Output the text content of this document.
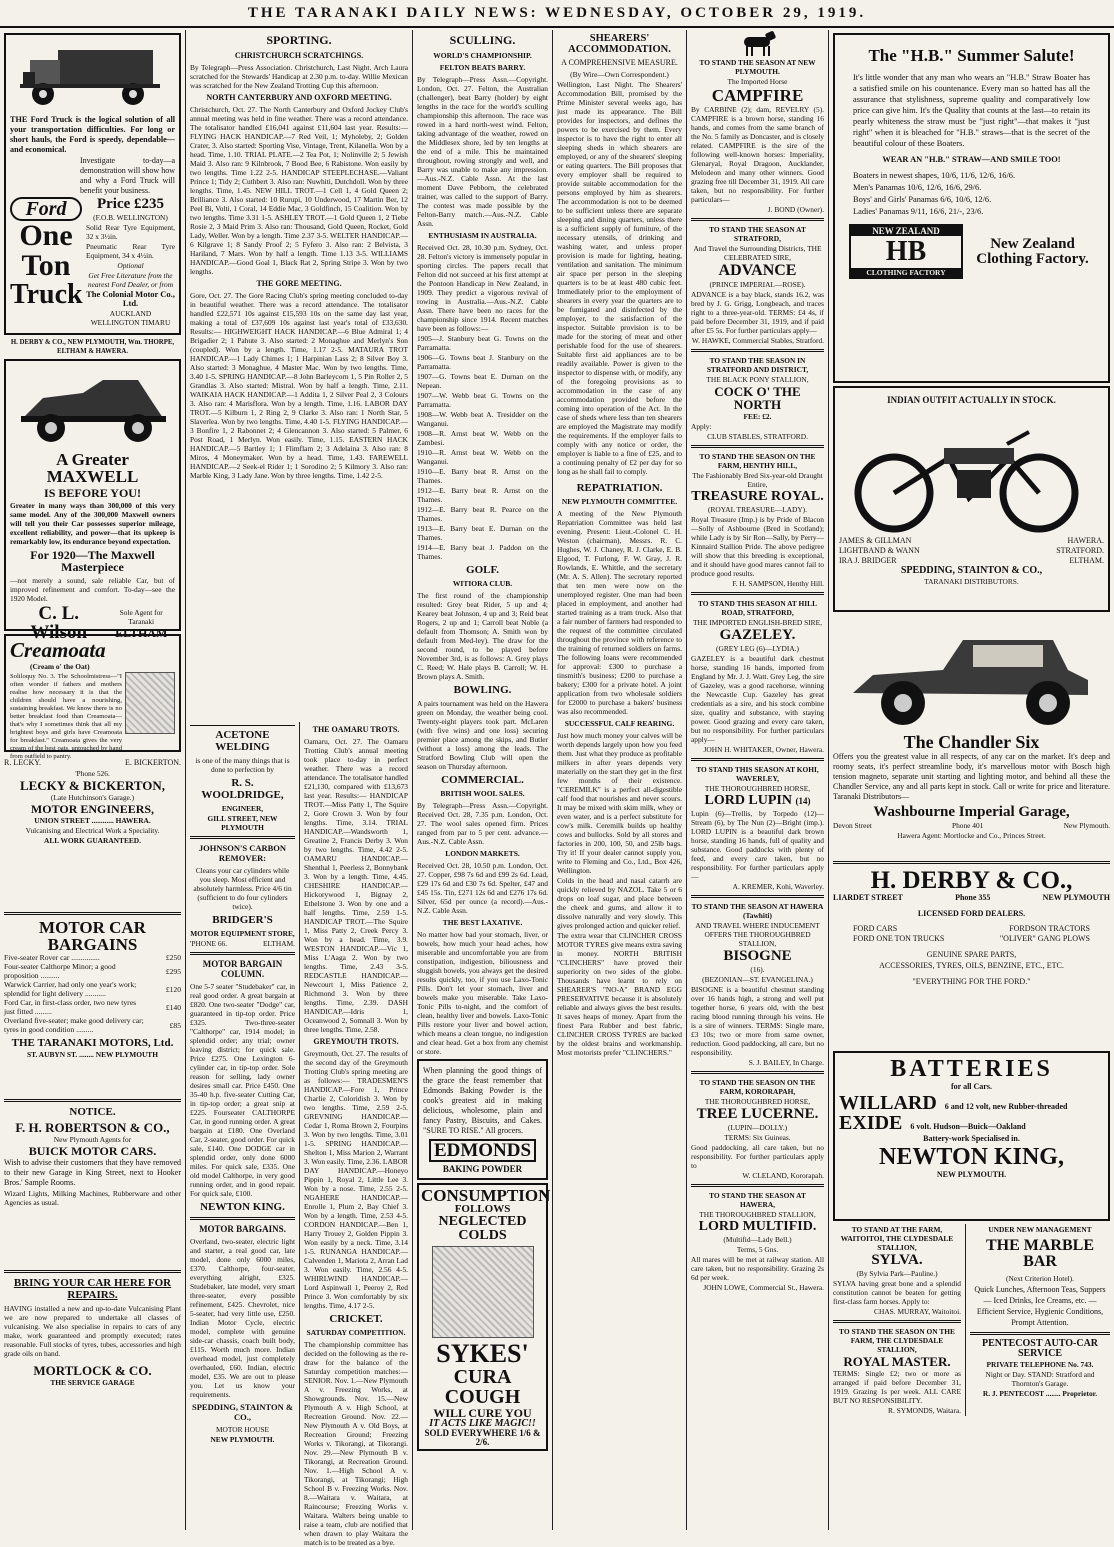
THE TARANAKI DAILY NEWS: WEDNESDAY, OCTOBER 29, 1919.
THE Ford Truck is the logical solution of all your transportation difficulties. For long or short hauls, the Ford is speedy, dependable—and economical.
Investigate to-day—a demonstration will show how and why a Ford Truck will benefit your business.
Ford
One
Ton
Truck
Price £235
(F.O.B. WELLINGTON)
Solid Rear Tyre Equipment, 32 x 3½in.
Pneumatic Rear Tyre Equipment, 34 x 4½in.
Optional
Get Free Literature from the nearest Ford Dealer, or from
The Colonial Motor Co., Ltd.
AUCKLAND WELLINGTON TIMARU
H. DERBY & CO., NEW PLYMOUTH, Wm. THORPE, ELTHAM & HAWERA.
A Greater MAXWELL
IS BEFORE YOU!
Greater in many ways than 300,000 of this very same model. Any of the 300,000 Maxwell owners will tell you their Car possesses superior mileage, excellent reliability, and power—that its upkeep is remarkably low, its endurance beyond expectation.
For 1920—The Maxwell Masterpiece
—not merely a sound, sale reliable Car, but of improved refinement and comfort. To-day—see the 1920 Model.
C. L. Wilson
Sole Agent for Taranaki
ELTHAM
Creamoata
(Cream o' the Oat)
Soliloquy No. 3. The Schoolmistress—"I often wonder if fathers and mothers realise how necessary it is that the children should have a nourishing, sustaining breakfast. We know there is no better breakfast food than Creamoata—that's why I sometimes think that all my brightest boys and girls have Creamoata for breakfast." Creamoata gives the very cream of the best oats, untouched by hand from outfield to pantry.
R. LECKY.	E. BICKERTON.
'Phone 526.
LECKY & BICKERTON,
(Late Hutchinson's Garage.)
MOTOR ENGINEERS,
UNION STREET ............ HAWERA.
Vulcanising and Electrical Work a Speciality.
ALL WORK GUARANTEED.
MOTOR CAR BARGAINS
Five-seater Rover car ...............	£250
Four-seater Calthorpe Minor; a good proposition ..........	£295
Warwick Carrier, had only one year's work; splendid for light delivery ...........	£120
Ford Car, in first-class order, two new tyres just fitted .........	£140
Overland five-seater; make good delivery car; tyres in good condition .........	£85
THE TARANAKI MOTORS, Ltd.
ST. AUBYN ST. ........ NEW PLYMOUTH
NOTICE.
F. H. ROBERTSON & CO.,
New Plymouth Agents for
BUICK MOTOR CARS.
Wish to advise their customers that they have removed to their new Garage in King Street, next to Hooker Bros.' Sample Rooms.
Wizard Lights, Milking Machines, Rubberware and other Agencies as usual.
BRING YOUR CAR HERE FOR REPAIRS.
HAVING installed a new and up-to-date Vulcanising Plant we are now prepared to undertake all classes of vulcanising. We also specialise in repairs to cars of any make, work guaranteed and promptly executed; rates reasonable. Full stocks of tyres, tubes, accessories and high grade oils on hand.
MORTLOCK & CO.
THE SERVICE GARAGE
SPORTING.
CHRISTCHURCH SCRATCHINGS.
By Telegraph—Press Association. Christchurch, Last Night. Arch Laura scratched for the Stewards' Handicap at 2.30 p.m. to-day. Willie Mexican was scratched for the New Zealand Trotting Cup this afternoon.
NORTH CANTERBURY AND OXFORD MEETING.
Christchurch, Oct. 27. The North Canterbury and Oxford Jockey Club's annual meeting was held in fine weather. There was a record attendance. The totalisator handled £16,041 against £11,604 last year. Results:— FLYING HACK HANDICAP.—7 Red Veil, 1; Myholeby, 2; Golden Crater, 3. Also started: Sporting Vise, Vintage, Trent, Kilanella. Won by a head. Time, 1.10. TRIAL PLATE.—2 Tea Pot, 1; Nolinville 2; 5 Jewish Maid 3. Also ran: 9 Kilnbrook, 7 Bood Bee, 6 Rabistone. Won easily by two lengths. Time 1.22 2-5. HANDICAP STEEPLECHASE.—Valiant Prince 1; Tidy 2; Cuthbert 3. Also ran: Nuwhiti, Dutchdoll. Won by three lengths. Time, 1.45. NEW HILL TROT.—1 Cell 1, 4 Gold Queen 2; Brilliance 3. Also started: 10 Rurupi, 10 Underwood, 17 Martin Ber, 12 Peel Bi, Volti, 1 Coral, 14 Eddie Mac, 3 Goldfinch, 15 Coalition. Won by two lengths. Time 3.31 1-5. ASHLEY TROT.—1 Gold Queen 1, 2 Tiebe Rosie 2, 3 Maid Prim 3. Also ran: Thousand, Gold Queen, Rocket, Gold Lady, Weller. Won by a length. Time 2.37 3-5. WELTER HANDICAP.—6 Kilgrave 1; 8 Sandy Proof 2; 5 Fyfero 3. Also ran: 2 Belvista, 3 Hariland, 7 Mars. Won by half a length. Time 1.13 3-5. WILLIAMS HANDICAP.—Good Goal 1, Black Rat 2, Spring Stripe 3. Won by two lengths.
THE GORE MEETING.
Gore, Oct. 27. The Gore Racing Club's spring meeting concluded to-day in beautiful weather. There was a record attendance. The totalisator handled £22,571 10s against £15,593 10s on the same day last year, making a total of £37,609 10s against last year's total of £33,630. Results:— HIGHWEIGHT HACK HANDICAP.—6 Blue Admiral 1; 4 Brigadier 2; 1 Pahute 3. Also started: 2 Monaghue and Merlyn's Son (coupled). Won by a length. Time, 1.17 2-5. MATAURA TROT HANDICAP.—1 Lady Chimes 1; 1 Harpinian Lass 2; 8 Silver Boy 3. Also started: 3 Monaghue, 4 Master Mac. Won by two lengths. Time, 3.40 1-5. SPRING HANDICAP.—8 John Barleycorn 1, 5 Pin Roller 2, 5 Grandlas 3. Also started: Mistral. Won by half a length. Time, 2.11. WAIKAIA HACK HANDICAP.—1 Addita 1, 2 Silver Peal 2, 3 Colours 3. Also ran: 4 Marisflora. Won by a length. Time, 1.16. LABOR DAY TROT.—5 Kilburn 1, 2 Ring 2, 9 Clarke 3. Also ran: 1 North Star, 5 Slaverlea. Won by two lengths. Time, 4.40 1-5. FLYING HANDICAP.—3 Bonfire 1, 2 Rabonnet 2; 4 Glencannon 3. Also started: 5 Palmer, 6 Post Road, 1 Merlyn. Won easily. Time, 1.15. EASTERN HACK HANDICAP.—5 Bartley 1; 1 Flimflam 2; 3 Adelaina 3. Also ran: 8 Miros, 4 Moneymaker. Won by a head. Time, 1.43. FAREWELL HANDICAP.—2 Seek-el Rider 1; 1 Sorodino 2; 5 Kilmory 3. Also ran: Marble King, 3 Lady Jane. Won by three lengths. Time, 1.42 2-5.
ACETONE WELDING
is one of the many things that is done to perfection by
R. S. WOOLDRIDGE,
ENGINEER,
GILL STREET, NEW PLYMOUTH
JOHNSON'S CARBON REMOVER:
Cleans your car cylinders while you sleep. Most efficient and absolutely harmless. Price 4/6 tin (sufficient to do four cylinders twice).
BRIDGER'S
MOTOR EQUIPMENT STORE,
'PHONE 66.	ELTHAM.
MOTOR BARGAIN COLUMN.
One 5-7 seater "Studebaker" car, in real good order. A great bargain at £820. One two-seater "Dodge" car, guaranteed in tip-top order. Price £325. Two-three-seater "Calthorpe" car, 1914 model; in splendid order; any trial; owner leaving district; for quick sale. Price £275. One Lexington 6-cylinder car, in tip-top order. Sole reason for selling, lady owner desires small car. Price £450. One 35-40 h.p. five-seater Cutting Car, in tip-top order; a great snip at £225. Fourseater CALTHORPE Car, in good running order. A great bargain at £180. One Overland Car, 2-seater, good order. For quick sale, £140. One DODGE car in splendid order, only done 6000 miles. For quick sale, £335. One old model Calthorpe, in very good running order, and in good repair. For quick sale, £100.
NEWTON KING.
MOTOR BARGAINS.
Overland, two-seater, electric light and starter, a real good car, late model, done only 6000 miles, £370. Calthorpe, four-seater, everything alright, £325. Studebaker, late model, very smart three-seater, every possible refinement, £425. Chevrolet, nice 5-seater, had very little use, £250. Indian Motor Cycle, electric model, complete with genuine side-car chassis, coach built body, £115. Worth much more. Indian overhead model, just completely overhauled, £60. Indian, electric model, £35. We are out to please you. Let us know your requirements.
SPEDDING, STAINTON & CO.,
MOTOR HOUSE
NEW PLYMOUTH.
THE OAMARU TROTS.
Oamaru, Oct. 27. The Oamaru Trotting Club's annual meeting took place to-day in perfect weather. There was a record attendance. The totalisator handled £21,130, compared with £13,673 last year. Results:— HANDICAP TROT.—Miss Patty 1, The Squire 2, Gore Crown 3. Won by four lengths. Time, 3.14. TRIAL HANDICAP.—Wandsworth 1, Greatine 2, Francis Derby 3. Won by two lengths. Time, 4.42 2-5. OAMARU HANDICAP.—Shenthal 1, Peerless 2, Bonnybank 3. Won by a length. Time, 4.45. CHESHIRE HANDICAP.—Hickorywood 1, Bignay 2, Ethelstone 3. Won by one and a half lengths. Time, 2.59 1-5. HANDICAP TROT.—The Squire 1, Miss Patty 2, Creek Percy 3. Won by a head. Time, 3.9. WESTON HANDICAP.—Vic 1, Miss L'Aaga 2. Won by two lengths. Time, 2.43 3-5. REDCASTLE HANDICAP.—Newcourt 1, Miss Patience 2, Richmond 3. Won by three lengths. Time, 2.39. DASH HANDICAP.—Idris 1, Oceanwood 2, Somnall 3. Won by three lengths. Time, 2.58.
GREYMOUTH TROTS.
Greymouth, Oct. 27. The results of the second day of the Greymouth Trotting Club's spring meeting are as follows:— TRADESMEN'S HANDICAP.—Fore 1, Prince Charlie 2, Coloridish 3. Won by two lengths. Time, 2.59 2-5. GREVNING HANDICAP.—Cedar 1, Roma Brown 2, Fourpins 3. Won by two lengths. Time, 3.01 1-5. SPRING HANDICAP.—Shelton 1, Miss Marion 2, Warrant 3. Won easily. Time, 2.36. LABOR DAY HANDICAP.—Honeyo Pippin 1, Royal 2, Little Lee 3. Won by a nose. Time, 2.55 2-5. NGAHERE HANDICAP.—Enrolle 1, Plum 2, Bay Chief 3. Won by a length. Time, 2.53 4-5. CORDON HANDICAP.—Ben 1, Harry Trouey 2, Golden Pippin 3. Won easily by a neck. Time, 3.14 1-5. RUNANGA HANDICAP.—Calvenden 1, Mariota 2, Arran Lad 3. Won easily. Time, 2.56 4-5. WHIRLWIND HANDICAP.—Lord Aspinwall 1, Peeroy 2, Red Prince 3. Won comfortably by six lengths. Time, 4.17 2-5.
CRICKET.
SATURDAY COMPETITION.
The championship committee has decided on the following as the re-draw for the balance of the Saturday competition matches:— SENIOR. Nov. 1.—New Plymouth A v. Freezing Works, at Showgrounds. Nov. 15.—New Plymouth A v. High School, at Recreation Ground. Nov. 22.—New Plymouth A v. Old Boys, at Recreation Ground; Freezing Works v. Tikorangi, at Tikorangi. Nov. 29.—New Plymouth B v. Tikorangi, at Recreation Ground. Nov. 1.—High School A v. Tikorangi, at Tikorangi; High School B v. Freezing Works. Nov. 8.—Waitara v. Waitara, at Raincourse; Freezing Works v. Waitara. Walters being unable to raise a team, club are notified that when drawn to play Waitara the match is to be treated as a bye.
SCULLING.
WORLD'S CHAMPIONSHIP.
FELTON BEATS BARRY.
By Telegraph—Press Assn.—Copyright. London, Oct. 27. Felton, the Australian (challenger), beat Barry (holder) by eight lengths in the race for the world's sculling championship this afternoon. The race was rowed in a hard north-west wind. Felton, taking advantage of the weather, rowed on the Middlesex shore, led by ten lengths at the end of a mile. This he maintained throughout, rowing strongly and well, and Barry was unable to make any impression.—Aus.-N.Z. Cable Assn. At the last moment Dave Pebborn, the celebrated trainer, was called to the support of Barry. The contest was made possible by the Felton-Barry match.—Aus.-N.Z. Cable Assn.
ENTHUSIASM IN AUSTRALIA.
Received Oct. 28, 10.30 p.m. Sydney, Oct. 28. Felton's victory is immensely popular in sporting circles. The papers recall that Felton did not succeed at his first attempt at the Pontoon Handicap in New Zealand, in 1909. They predict a vigorous revival of rowing in Australia.—Aus.-N.Z. Cable Assn. There have been no races for the championship since 1914. Recent matches have been as follows:—
1905—J. Stanbury beat G. Towns on the Parramatta.
1906—G. Towns beat J. Stanbury on the Parramatta.
1907—G. Towns beat E. Durnan on the Nepean.
1907—W. Webb beat G. Towns on the Parramatta.
1908—W. Webb beat A. Tresidder on the Wanganui.
1908—R. Arnst beat W. Webb on the Zambesi.
1910—R. Arnst beat W. Webb on the Wanganui.
1910—E. Barry beat R. Arnst on the Thames.
1912—E. Barry beat R. Arnst on the Thames.
1912—E. Barry beat R. Pearce on the Thames.
1913—E. Barry beat E. Durnan on the Thames.
1914—E. Barry beat J. Paddon on the Thames.
GOLF.
WITIORA CLUB.
The first round of the championship resulted: Grey beat Rider, 5 up and 4; Kearey beat Johnson, 4 up and 3; Reid beat Rogers, 2 up and 1; Carroll beat Noble (a default from Thomson; A. Smith won by default from Med-ley). The draw for the second round, to be played before November 3rd, is as follows: A. Grey plays C. Reed; W. Hale plays B. Carroll; W. H. Brown plays A. Smith.
BOWLING.
A pairs tournament was held on the Hawera green on Monday, the weather being cool. Twenty-eight players took part. McLaren (with five wins) and one loss) securing premier place among the skips, and Butler (without a loss) among the leads. The Stratford Bowling Club will open the season on Thursday afternoon.
COMMERCIAL.
BRITISH WOOL SALES.
By Telegraph—Press Assn.—Copyright. Received Oct. 28, 7.35 p.m. London, Oct. 27. The wool sales opened firm. Prices ranged from par to 5 per cent. advance.—Aus.-N.Z. Cable Assn.
LONDON MARKETS.
Received Oct. 28, 10.50 p.m. London, Oct. 27. Copper, £98 7s 6d and £99 2s 6d. Lead, £29 17s 6d and £30 7s 6d. Spelter, £47 and £45 15s. Tin, £271 12s 6d and £276 17s 6d. Silver, 65d per ounce (a record).—Aus.-N.Z. Cable Assn.
THE BEST LAXATIVE.
No matter how bad your stomach, liver, or bowels, how much your head aches, how miserable and uncomfortable you are from constipation, indigestion, biliousness and sluggish bowels, you always get the desired results quickly, too, if you use Laxo-Tonic Pills. Don't let your stomach, liver and bowels make you miserable. Take Laxo-Tonic Pills to-night, and the comfort of clean, healthy liver and bowels. Laxo-Tonic Pills restore your liver and bowel action, which means a clean tongue, no indigestion and clear head. Get a box from any chemist or store.
When planning the good things of the grace the feast remember that Edmonds Baking Powder is the cook's greatest aid in making delicious, wholesome, plain and fancy Pastry, Biscuits, and Cakes. "SURE TO RISE." All grocers.
EDMONDS
BAKING POWDER
CONSUMPTION
FOLLOWS
NEGLECTED COLDS
SYKES'
CURA COUGH
WILL CURE YOU
IT ACTS LIKE MAGIC!!
SOLD EVERYWHERE 1/6 & 2/6.
SHEARERS' ACCOMMODATION.
A COMPREHENSIVE MEASURE.
(By Wire—Own Correspondent.)
Wellington, Last Night. The Shearers' Accommodation Bill, promised by the Prime Minister several weeks ago, has just made its appearance. The Bill provides for inspectors, and defines the powers to be exercised by them. Every inspector is to have the right to enter all sleeping sheds in which shearers are employed, or any of the shearers' sleeping or eating quarters. The Bill proposes that every employer shall be required to provide suitable accommodation for the persons employed by him as shearers. The accommodation is not to be deemed to be sufficient unless there are separate sleeping and dining quarters, unless there is a sufficient supply of furniture, of the necessary utensils, of drinking and washing water, and unless proper provision is made for lighting, heating, ventilation and sanitation. The minimum air space per person in the sleeping quarters is to be at least 480 cubic feet. Immediately prior to the employment of shearers in every year the quarters are to be fumigated and disinfected by the employer, to the satisfaction of the inspector. Suitable provision is to be made for the storing of meat and other perishable food for the use of shearers. Suitable first aid appliances are to be readily available. Power is given to the inspector to dispense with, or modify, any of the foregoing provisions as to accommodation in the case of any accommodation provided before the coming into operation of the Act. In the case of sheds where less than ten shearers are employed the Magistrate may modify the requirements. If the employer fails to comply with any notice or order, the employer is liable to a fine of £25, and to a continuing penalty of £2 per day for so long as he shall fail to comply.
REPATRIATION.
NEW PLYMOUTH COMMITTEE.
A meeting of the New Plymouth Repatriation Committee was held last evening. Present: Lieut.-Colonel C. H. Weston (chairman), Messrs. R. C. Hughes, W. J. Chaney, R. J. Clarke, E. B. Elgood, T. Furlong, F. W. Gray, J. R. Rowlands, E. Whittle, and the secretary (Mr. A. S. Allen). The secretary reported that ten men were now on the unemployed register. One man had been placed in employment, and another had started training as a tram truck. Also that a fair number of farmers had responded to the request of the committee circulated throughout the province with reference to the training of returned soldiers on farms. The following loans were recommended for approval: £300 to purchase a tinsmith's business; £200 to purchase a bakery; £300 for a private hotel. A joint application from two wholesale soldiers for £2000 to purchase a bakers' business was also recommended.
SUCCESSFUL CALF REARING.
Just how much money your calves will be worth depends largely upon how you feed them. Just what they produce as profitable milkers in after years depends very materially on the start they get in the first few months of their existence. "CEREMILK" is a perfect all-digestible calf food that nourishes and never scours. It may be mixed with skim milk, whey or even water, and is a perfect substitute for cow's milk. Ceremilk builds up healthy cows and bullocks. Sold by all stores and factories in 200, 100, 50, and 25lb bags. Try it! If your dealer cannot supply you, write to Fleming and Co., Ltd., Box 426, Wellington.
Colds in the head and nasal catarrh are quickly relieved by NAZOL. Take 5 or 6 drops on loaf sugar, and place between the cheek and gums, and allow it to dissolve naturally and very slowly. This gives prolonged action and quicker relief.
The extra wear that CLINCHER CROSS MOTOR TYRES give means extra saving in money. NORTH BRITISH "CLINCHERS" have proved their superiority on two sides of the globe. Thousands have learnt to rely on SHEARER'S "NO-A" BRAND EGG PRESERVATIVE because it is absolutely reliable and always gives the best results. It saves heaps of money. Apart from the finest Para Rubber and best fabric, CLINCHER CROSS TYRES are backed by the oldest brains and workmanship. Most motorists prefer "CLINCHERS."
TO STAND THE SEASON AT NEW PLYMOUTH.
The Imported Horse
CAMPFIRE
By CARBINE (2); dam, REVELRY (5). CAMPFIRE is a brown horse, standing 16 hands, and comes from the same branch of the No. 5 family as Doncaster, and is closely related. CAMPFIRE is the sire of the following well-known horses: Imperiality, Glenaryal, Royal Dragoon, Aucklander, Melodeon and many other winners. Good grazing free till December 31, 1919. All care taken, but no responsibility. For further particulars—
J. BOND (Owner).
TO STAND THE SEASON AT STRATFORD,
And Travel the Surrounding Districts, THE CELEBRATED SIRE,
ADVANCE
(PRINCE IMPERIAL—ROSE).
ADVANCE is a bay black, stands 16.2, was bred by J. G. Grigg, Longbeach, and traces right to a three-year-old. TERMS: £4 4s, if paid before December 31, 1919, and if paid after £5 5s. For further particulars apply—
W. HAWKE, Commercial Stables, Stratford.
TO STAND THE SEASON IN STRATFORD AND DISTRICT,
THE BLACK PONY STALLION,
COCK O' THE NORTH
FEE: £2.
Apply:
CLUB STABLES, STRATFORD.
TO STAND THE SEASON ON THE FARM, HENTHY HILL,
The Fashionably Bred Six-year-old Draught Entire,
TREASURE ROYAL.
(ROYAL TREASURE—LADY).
Royal Treasure (Imp.) is by Pride of Blacon—Solly of Ashbourne (Bred in Scotland); while Lady is by Sir Ron—Sally, by Perry—Kinnaird Stallion Pride. The above pedigree will show that this breeding is exceptional, and it should have good mares cannot fail to produce good results.
F. H. SAMPSON, Henthy Hill.
TO STAND THIS SEASON AT HILL ROAD, STRATFORD,
THE IMPORTED ENGLISH-BRED SIRE,
GAZELEY.
(GREY LEG (6)—LYDIA.)
GAZELEY is a beautiful dark chestnut horse, standing 16 hands, imported from England by Mr. J. J. Watt. Grey Leg, the sire of Gazeley, was a good racehorse, winning the Newcastle Cup. Gazeley has great credentials as a sire, and his stock combine size, quality and substance, with staying power. Good grazing and every care taken, but no responsibility. For further particulars apply—
JOHN H. WHITAKER, Owner, Hawera.
TO STAND THIS SEASON AT KOHI, WAVERLEY,
THE THOROUGHBRED HORSE,
LORD LUPIN (14)
Lupin (6)—Trellis, by Torpedo (12)—Stream (6), by The Nun (2)—Bright (imp.). LORD LUPIN is a beautiful dark brown horse, standing 16 hands, full of quality and substance. Good paddocks with plenty of feed, and every care taken, but no responsibility. For further particulars apply—
A. KREMER, Kohi, Waverley.
TO STAND THE SEASON AT HAWERA (Tawhiti)
AND TRAVEL WHERE INDUCEMENT OFFERS THE THOROUGHBRED STALLION,
BISOGNE
(16).
(BEZONIAN—ST. EVANGELINA.)
BISOGNE is a beautiful chestnut standing over 16 hands high, a strong and well put together horse, 6 years old, with the best racing blood running through his veins. He is a sire of winners. TERMS: Single mare, £3 10s; two or more from same owner, reduction. Good paddocking, all care, but no responsibility.
S. J. BAILEY, In Charge.
TO STAND THE SEASON ON THE FARM, KORORAPAH,
THE THOROUGHBRED HORSE,
TREE LUCERNE.
(LUPIN—DOLLY.)
TERMS: Six Guineas.
Good paddocking, all care taken, but no responsibility. For further particulars apply to
W. CLELAND, Kororapah.
TO STAND THE SEASON AT HAWERA,
THE THOROUGHBRED STALLION,
LORD MULTIFID.
(Multifid—Lady Bell.)
Terms, 5 Gns.
All mares will be met at railway station. All care taken, but no responsibility. Grazing 2s 6d per week.
JOHN LOWE, Commercial St., Hawera.
The "H.B." Summer Salute!
It's little wonder that any man who wears an "H.B." Straw Boater has a satisfied smile on his countenance. Every man so hatted has all the assurance that stylishness, supreme quality and comparatively low price can give him. It's the Quality that counts at the last—to retain its pearly whiteness the straw must be "just right"—that makes it "just right" when it is bleached for "H.B." straws—that is the secret of the beautiful colour of these Boaters.
WEAR AN "H.B." STRAW—AND SMILE TOO!
Boaters in newest shapes, 10/6, 11/6, 12/6, 16/6.
Men's Panamas 10/6, 12/6, 16/6, 29/6.
Boys' and Girls' Panamas 6/6, 10/6, 12/6.
Ladies' Panamas 9/11, 16/6, 21/-, 23/6.
NEW ZEALAND
HB
CLOTHING FACTORY
New Zealand Clothing Factory.
INDIAN OUTFIT ACTUALLY IN STOCK.
JAMES & GILLMAN	HAWERA.
LIGHTBAND & WANN	STRATFORD.
IRA J. BRIDGER	ELTHAM.
SPEDDING, STAINTON & CO.,
TARANAKI DISTRIBUTORS.
The Chandler Six
Offers you the greatest value in all respects, of any car on the market. It's deep and roomy seats, it's perfect streamline body, it's marvellous motor with Bosch high tension magneto, separate unit starting and lighting motor, and behind all these the Chandler Service, any and all parts kept in stock. Call or write for price and literature. Taranaki Distributors—
Washbourne Imperial Garage,
Devon Street	Phone 401	New Plymouth.
Hawera Agent: Mortlocke and Co., Princes Street.
H. DERBY & CO.,
LIARDET STREET	Phone 355	NEW PLYMOUTH
LICENSED FORD DEALERS.
FORD CARS	FORDSON TRACTORS
FORD ONE TON TRUCKS	"OLIVER" GANG PLOWS
GENUINE SPARE PARTS,
ACCESSORIES, TYRES, OILS, BENZINE, ETC., ETC.
"EVERYTHING FOR THE FORD."
BATTERIES
for all Cars.
WILLARD 6 and 12 volt, new Rubber-threaded
EXIDE 6 volt. Hudson—Buick—Oakland
Battery-work Specialised in.
NEWTON KING,
NEW PLYMOUTH.
TO STAND AT THE FARM, WAITOITOI, THE CLYDESDALE STALLION,
SYLVA.
(By Sylvia Park—Pauline.)
SYLVA having great bone and a splendid constitution cannot be beaten for getting first-class farm horses. Apply to:
CHAS. MURRAY, Waitoitoi.
TO STAND THE SEASON ON THE FARM, THE CLYDESDALE STALLION,
ROYAL MASTER.
TERMS: Single £2; two or more as arranged if paid before December 31, 1919. Grazing 1s per week. ALL CARE BUT NO RESPONSIBILITY.
R. SYMONDS, Waitara.
UNDER NEW MANAGEMENT
THE MARBLE BAR
(Next Criterion Hotel).
Quick Lunches, Afternoon Teas, Suppers — Iced Drinks, Ice Creams, etc. — Efficient Service, Hygienic Conditions, Prompt Attention.
PENTECOST AUTO-CAR SERVICE
PRIVATE TELEPHONE No. 743.
Night or Day. STAND: Stratford and Thornton's Garage.
R. J. PENTECOST ........ Proprietor.
